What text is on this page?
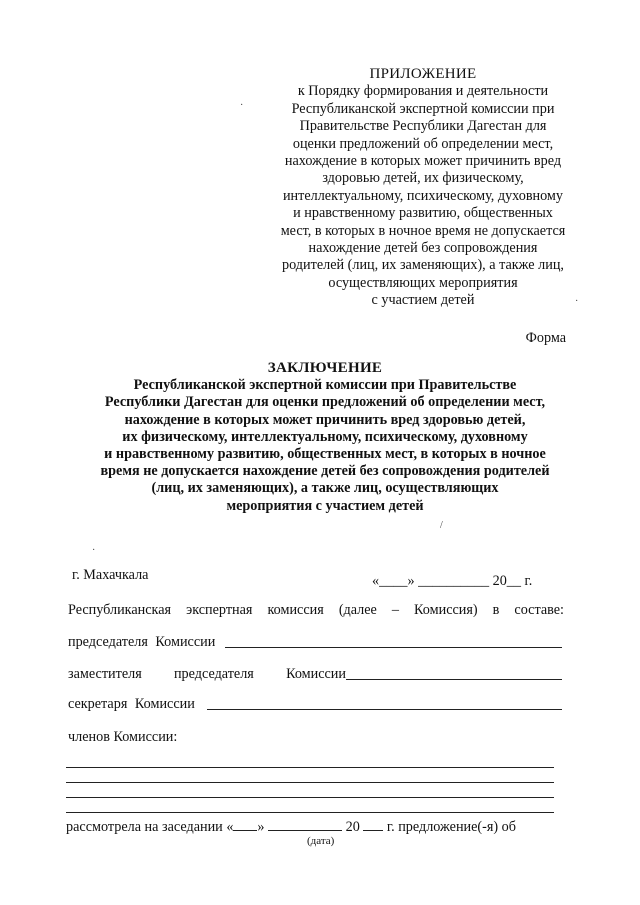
ПРИЛОЖЕНИЕ
к Порядку формирования и деятельности
Республиканской экспертной комиссии при
Правительстве Республики Дагестан для
оценки предложений об определении мест,
нахождение в которых может причинить вред
здоровью детей, их физическому,
интеллектуальному, психическому, духовному
и нравственному развитию, общественных
мест, в которых в ночное время не допускается
нахождение детей без сопровождения
родителей (лиц, их заменяющих), а также лиц,
осуществляющих мероприятия
с участием детей
Форма
ЗАКЛЮЧЕНИЕ
Республиканской экспертной комиссии при Правительстве
Республики Дагестан для оценки предложений об определении мест,
нахождение в которых может причинить вред здоровью детей,
их физическому, интеллектуальному, психическому, духовному
и нравственному развитию, общественных мест, в которых в ночное
время не допускается нахождение детей без сопровождения родителей
(лиц, их заменяющих), а также лиц, осуществляющих
мероприятия с участием детей
г. Махачкала	«____» __________ 20__ г.
Республиканская экспертная комиссия (далее – Комиссия) в составе:
председателя Комиссии
заместителя председателя Комиссии
секретаря Комиссии
членов Комиссии:
рассмотрела на заседании « »	20 г. предложение(-я) об
(дата)
·
·
/
·
